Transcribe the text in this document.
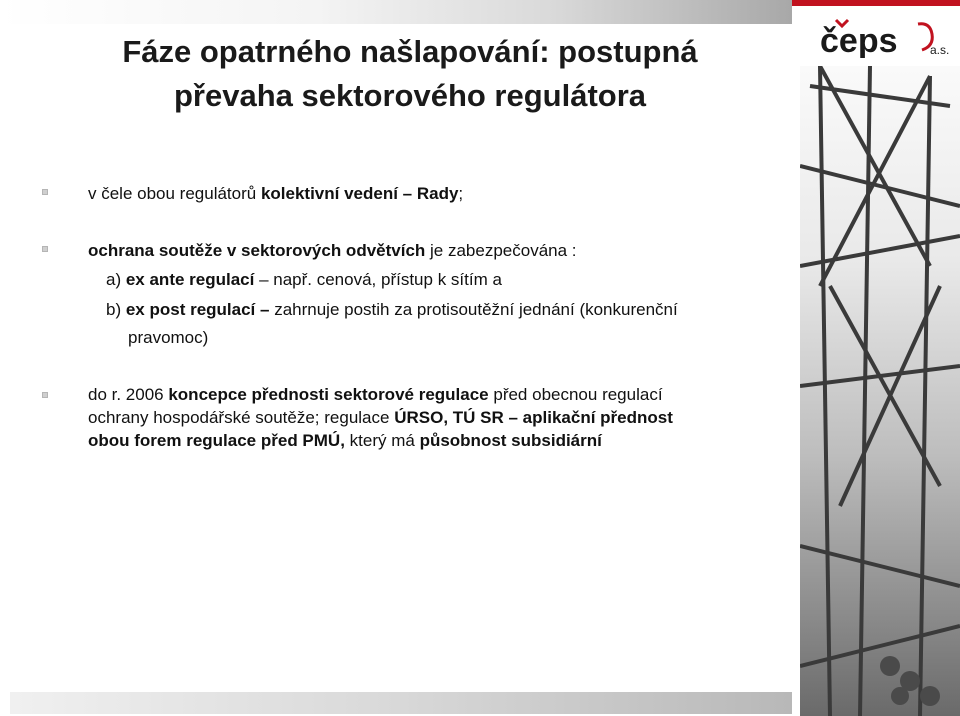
čeps	a.s.
Fáze opatrného našlapování: postupná
převaha sektorového regulátora
v čele obou regulátorů kolektivní vedení – Rady;
ochrana soutěže v sektorových odvětvích je zabezpečována :
a) ex ante regulací – např. cenová, přístup k sítím a
b) ex post regulací – zahrnuje postih za protisoutěžní jednání (konkurenční
pravomoc)
do r. 2006 koncepce přednosti sektorové regulace před obecnou regulací
ochrany hospodářské soutěže; regulace ÚRSO, TÚ SR – aplikační přednost
obou forem regulace před PMÚ, který má působnost subsidiární
